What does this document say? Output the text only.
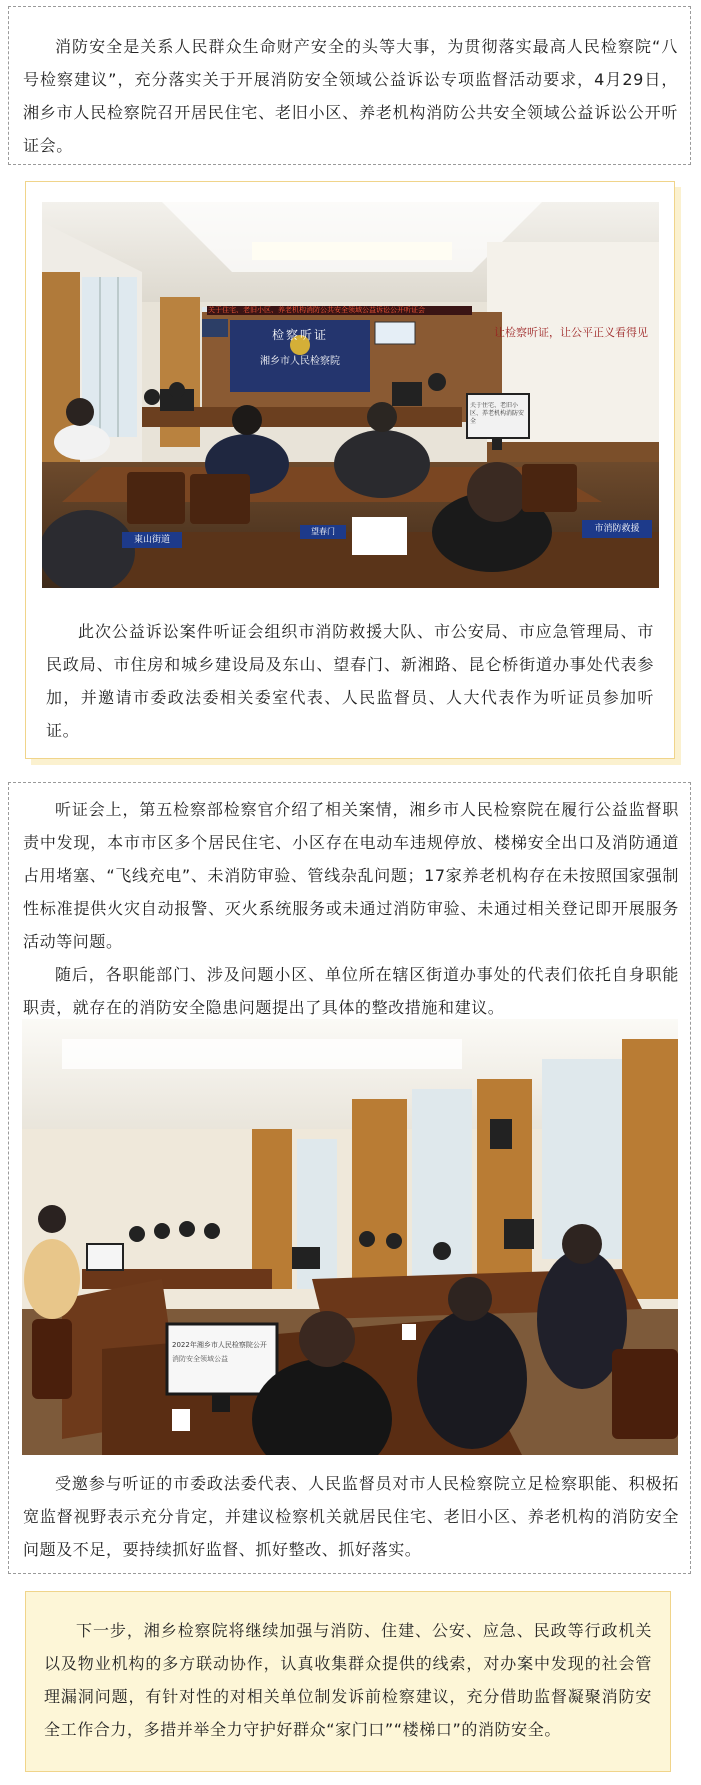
消防安全是关系人民群众生命财产安全的头等大事，为贯彻落实最高人民检察院“八号检察建议”，充分落实关于开展消防安全领域公益诉讼专项监督活动要求，4月29日，湘乡市人民检察院召开居民住宅、老旧小区、养老机构消防公共安全领域公益诉讼公开听证会。

检察听证
湘乡市人民检察院
关于住宅、老旧小区、养老机构消防公共安全领域公益诉讼公开听证会
让检察听证，让公平正义看得见
关于住宅、老旧小区、养老机构消防安全
東山街道
望春门	市消防救援

此次公益诉讼案件听证会组织市消防救援大队、市公安局、市应急管理局、市民政局、市住房和城乡建设局及东山、望春门、新湘路、昆仑桥街道办事处代表参加，并邀请市委政法委相关委室代表、人民监督员、人大代表作为听证员参加听证。

听证会上，第五检察部检察官介绍了相关案情，湘乡市人民检察院在履行公益监督职责中发现，本市市区多个居民住宅、小区存在电动车违规停放、楼梯安全出口及消防通道占用堵塞、“飞线充电”、未消防审验、管线杂乱问题；17家养老机构存在未按照国家强制性标准提供火灾自动报警、灭火系统服务或未通过消防审验、未通过相关登记即开展服务活动等问题。

随后，各职能部门、涉及问题小区、单位所在辖区街道办事处的代表们依托自身职能职责，就存在的消防安全隐患问题提出了具体的整改措施和建议。

2022年湘乡市人民检察院公开
消防安全领域公益

受邀参与听证的市委政法委代表、人民监督员对市人民检察院立足检察职能、积极拓宽监督视野表示充分肯定，并建议检察机关就居民住宅、老旧小区、养老机构的消防安全问题及不足，要持续抓好监督、抓好整改、抓好落实。

下一步，湘乡检察院将继续加强与消防、住建、公安、应急、民政等行政机关以及物业机构的多方联动协作，认真收集群众提供的线索，对办案中发现的社会管理漏洞问题，有针对性的对相关单位制发诉前检察建议，充分借助监督凝聚消防安全工作合力，多措并举全力守护好群众“家门口”“楼梯口”的消防安全。
